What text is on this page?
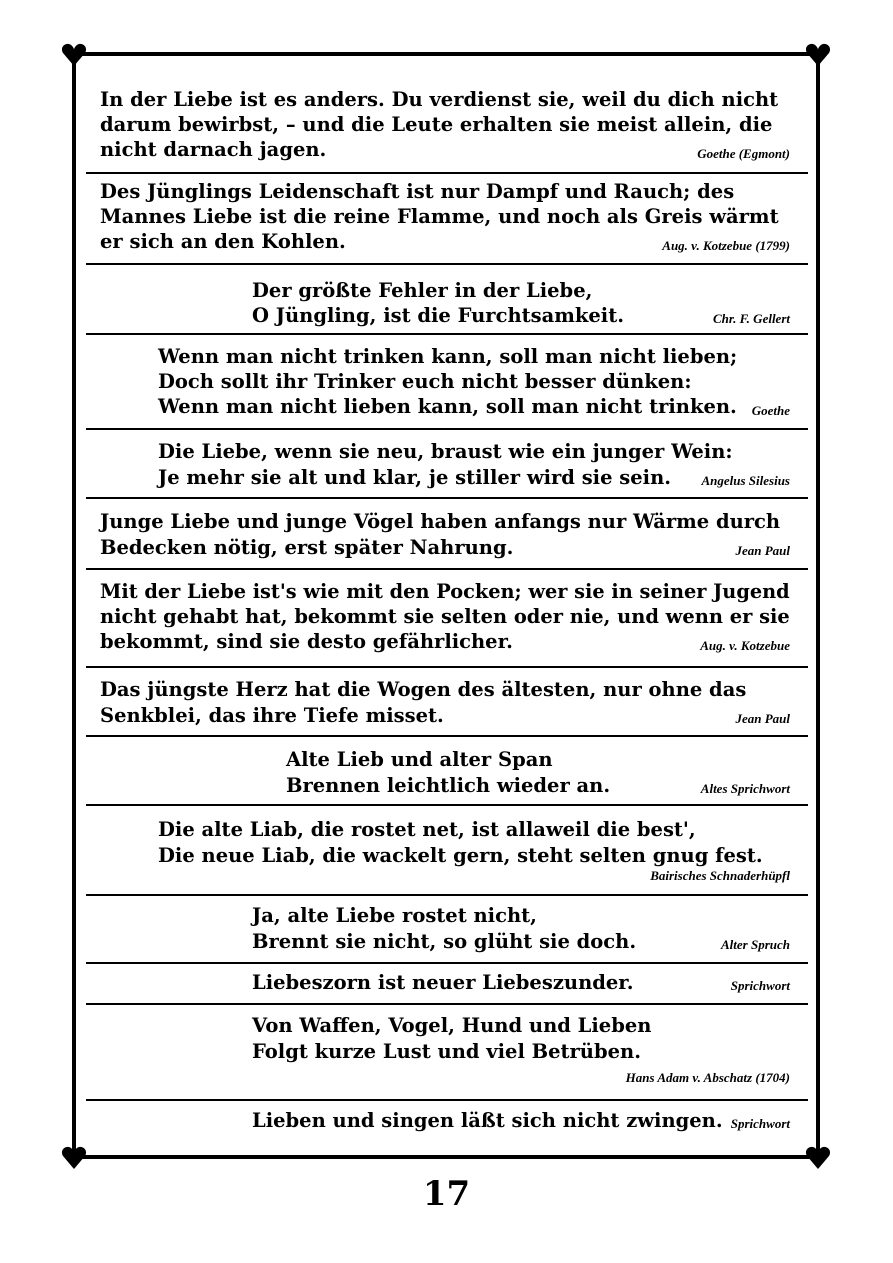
In der Liebe ist es anders. Du verdienst sie, weil du dich nicht
darum bewirbst, – und die Leute erhalten sie meist allein, die
nicht darnach jagen.	Goethe (Egmont)
Des Jünglings Leidenschaft ist nur Dampf und Rauch; des
Mannes Liebe ist die reine Flamme, und noch als Greis wärmt
er sich an den Kohlen.	Aug. v. Kotzebue (1799)
Der größte Fehler in der Liebe,
O Jüngling, ist die Furchtsamkeit.	Chr. F. Gellert
Wenn man nicht trinken kann, soll man nicht lieben;
Doch sollt ihr Trinker euch nicht besser dünken:
Wenn man nicht lieben kann, soll man nicht trinken. Goethe
Die Liebe, wenn sie neu, braust wie ein junger Wein:
Je mehr sie alt und klar, je stiller wird sie sein. Angelus Silesius
Junge Liebe und junge Vögel haben anfangs nur Wärme durch
Bedecken nötig, erst später Nahrung.	Jean Paul
Mit der Liebe ist's wie mit den Pocken; wer sie in seiner Jugend
nicht gehabt hat, bekommt sie selten oder nie, und wenn er sie
bekommt, sind sie desto gefährlicher.	Aug. v. Kotzebue
Das jüngste Herz hat die Wogen des ältesten, nur ohne das
Senkblei, das ihre Tiefe misset.	Jean Paul
Alte Lieb und alter Span
Brennen leichtlich wieder an.	Altes Sprichwort
Die alte Liab, die rostet net, ist allaweil die best',
Die neue Liab, die wackelt gern, steht selten gnug fest.
Bairisches Schnaderhüpfl
Ja, alte Liebe rostet nicht,
Brennt sie nicht, so glüht sie doch.	Alter Spruch
Liebeszorn ist neuer Liebeszunder.	Sprichwort
Von Waffen, Vogel, Hund und Lieben
Folgt kurze Lust und viel Betrüben.
Hans Adam v. Abschatz (1704)
Lieben und singen läßt sich nicht zwingen. Sprichwort
17
